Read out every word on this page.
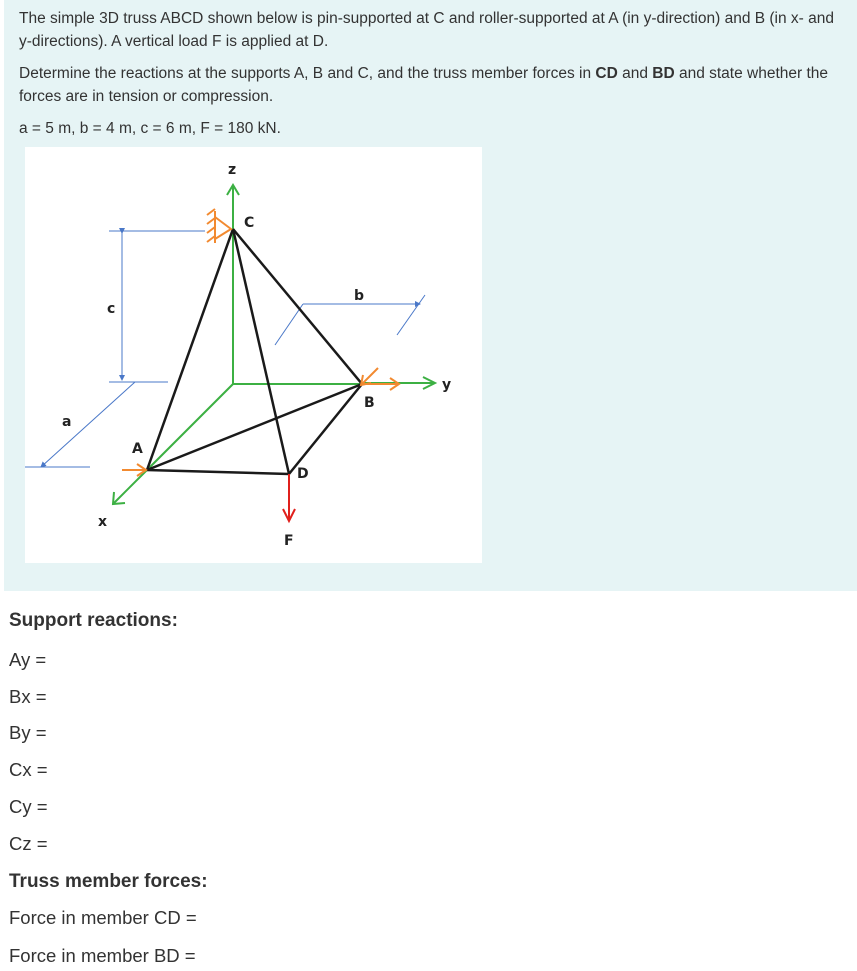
The simple 3D truss ABCD shown below is pin-supported at C and roller-supported at A (in y-direction) and B (in x- and y-directions). A vertical load F is applied at D.
Determine the reactions at the supports A, B and C, and the truss member forces in CD and BD and state whether the forces are in tension or compression.
a = 5 m, b = 4 m, c = 6 m, F = 180 kN.
z
C
c
b
y
B
a
A
D
x
F
Support reactions:
Ay =
Bx =
By =
Cx =
Cy =
Cz =
Truss member forces:
Force in member CD =
Force in member BD =
